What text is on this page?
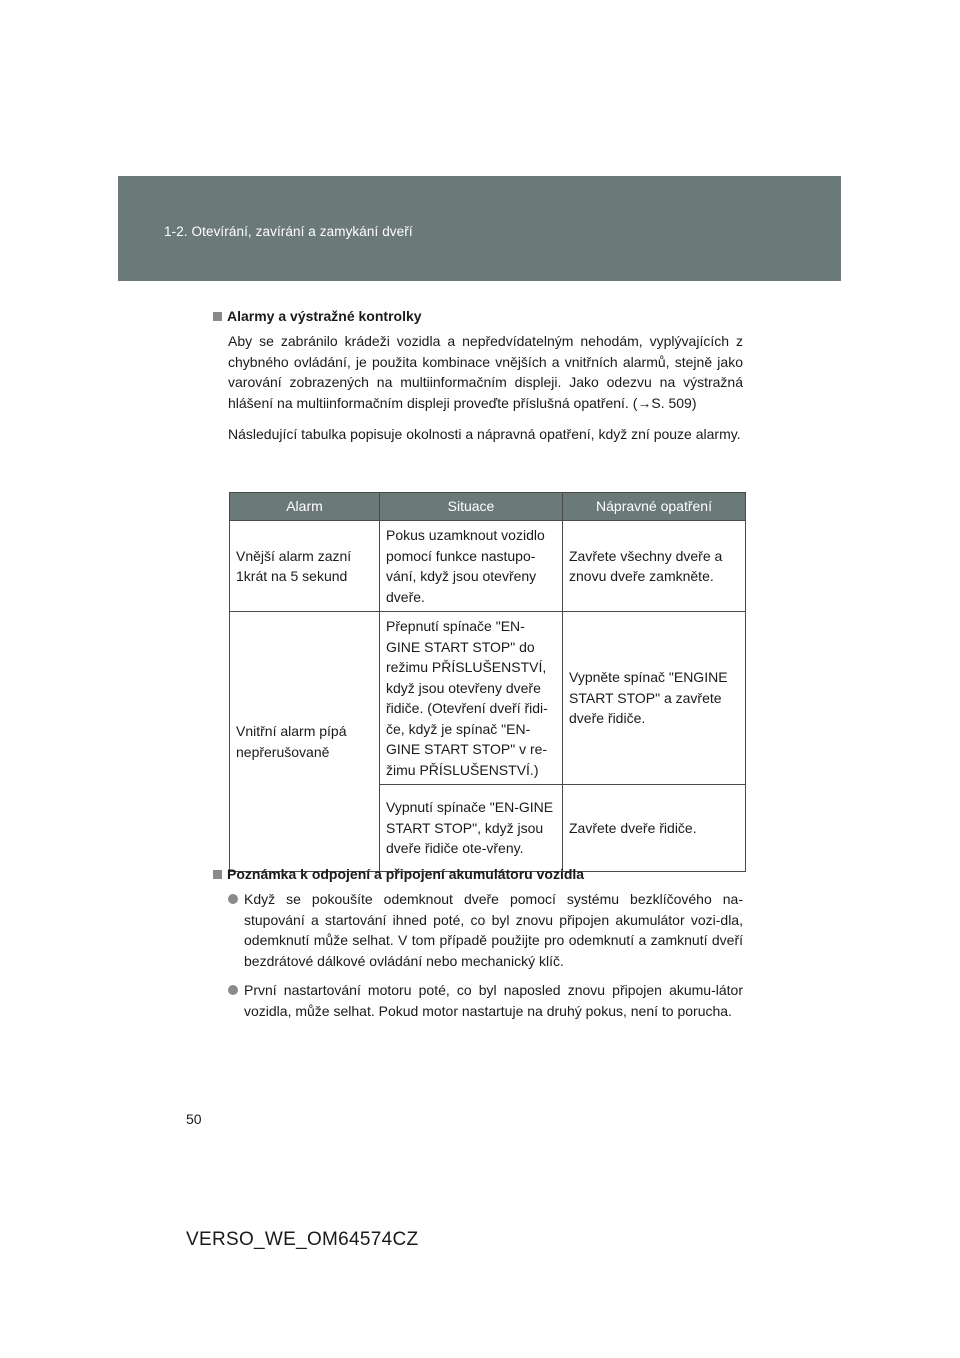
1-2. Otevírání, zavírání a zamykání dveří
Alarmy a výstražné kontrolky

Aby se zabránilo krádeži vozidla a nepředvídatelným nehodám, vyplývajících z chybného ovládání, je použita kombinace vnějších a vnitřních alarmů, stejně jako varování zobrazených na multiinformačním displeji. Jako odezvu na výstražná hlášení na multiinformačním displeji proveďte příslušná opatření. (→S. 509)

Následující tabulka popisuje okolnosti a nápravná opatření, když zní pouze alarmy.

Alarm	Situace	Nápravné opatření
Vnější alarm zazní 1krát na 5 sekund	Pokus uzamknout vozidlo pomocí funkce nastupo-vání, když jsou otevřeny dveře.	Zavřete všechny dveře a znovu dveře zamkněte.
Vnitřní alarm pípá nepřerušovaně	Přepnutí spínače "EN-GINE START STOP" do režimu PŘÍSLUŠENSTVÍ, když jsou otevřeny dveře řidiče. (Otevření dveří řidi-če, když je spínač "EN-GINE START STOP" v re-žimu PŘÍSLUŠENSTVÍ.)	Vypněte spínač "ENGINE START STOP" a zavřete dveře řidiče.
	Vypnutí spínače "EN-GINE START STOP", když jsou dveře řidiče ote-vřeny.	Zavřete dveře řidiče.
Poznámka k odpojení a připojení akumulátoru vozidla
Když se pokoušíte odemknout dveře pomocí systému bezklíčového na-stupování a startování ihned poté, co byl znovu připojen akumulátor vozi-dla, odemknutí může selhat. V tom případě použijte pro odemknutí a zamknutí dveří bezdrátové dálkové ovládání nebo mechanický klíč.
První nastartování motoru poté, co byl naposled znovu připojen akumu-látor vozidla, může selhat. Pokud motor nastartuje na druhý pokus, není to porucha.
50
VERSO_WE_OM64574CZ
